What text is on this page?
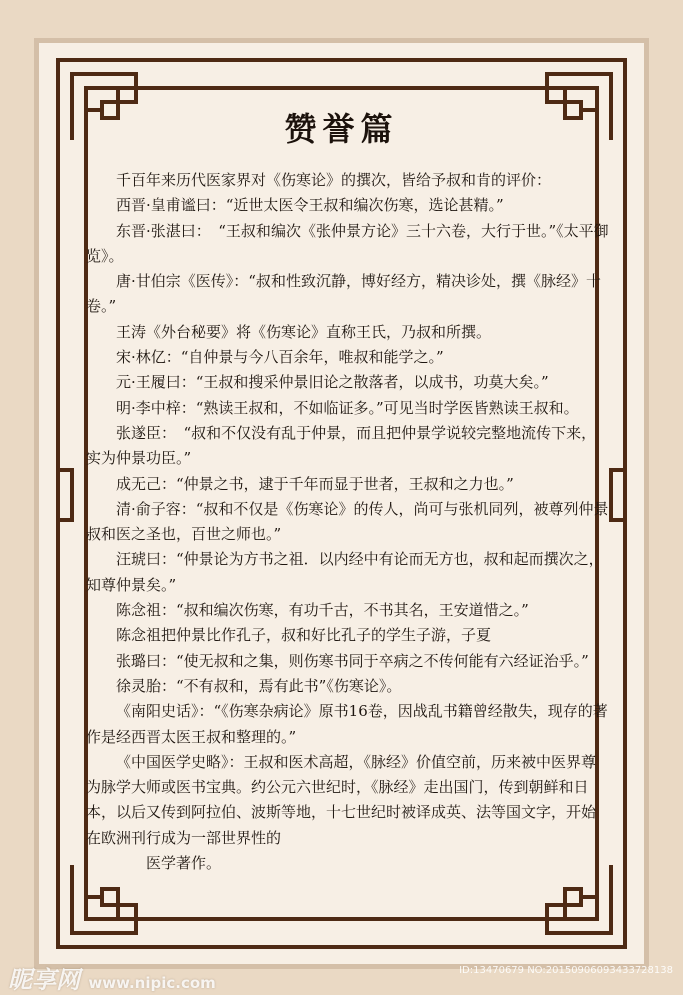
赞誉篇

千百年来历代医家界对《伤寒论》的撰次，皆给予叔和肯的评价：

西晋·皇甫谧曰：“近世太医令王叔和编次伤寒，选论甚精。”

东晋·张湛曰：　“王叔和编次《张仲景方论》三十六卷，大行于世。”《太平御览》。

唐·甘伯宗《医传》：“叔和性致沉静，博好经方，精决诊处，撰《脉经》十卷。”

王涛《外台秘要》将《伤寒论》直称王氏，乃叔和所撰。

宋·林亿：“自仲景与今八百余年，唯叔和能学之。”

元·王履曰：“王叔和搜采仲景旧论之散落者，以成书，功莫大矣。”

明·李中梓：“熟读王叔和，不如临证多。”可见当时学医皆熟读王叔和。

张遂臣：　“叔和不仅没有乱于仲景，而且把仲景学说较完整地流传下来，实为仲景功臣。”

成无己：“仲景之书，逮于千年而显于世者，王叔和之力也。”

清·俞子容：“叔和不仅是《伤寒论》的传人，尚可与张机同列，被尊列仲景叔和医之圣也，百世之师也。”

汪琥曰：“仲景论为方书之祖．以内经中有论而无方也，叔和起而撰次之，知尊仲景矣。”

陈念祖：“叔和编次伤寒，有功千古，不书其名，王安道惜之。”

陈念祖把仲景比作孔子，叔和好比孔子的学生子游，子夏

张璐曰：“使无叔和之集，则伤寒书同于卒病之不传何能有六经证治乎。”

徐灵胎：“不有叔和，焉有此书”《伤寒论》。

《南阳史话》：“《伤寒杂病论》原书16卷，因战乱书籍曾经散失，现存的著作是经西晋太医王叔和整理的。”

《中国医学史略》：王叔和医术高超，《脉经》价值空前，历来被中医界尊为脉学大师或医书宝典。约公元六世纪时，《脉经》走出国门，传到朝鲜和日本，以后又传到阿拉伯、波斯等地，十七世纪时被译成英、法等国文字，开始在欧洲刊行成为一部世界性的

医学著作。

昵享网 www.nipic.com
ID:13470679 NO:20150906093433728138
